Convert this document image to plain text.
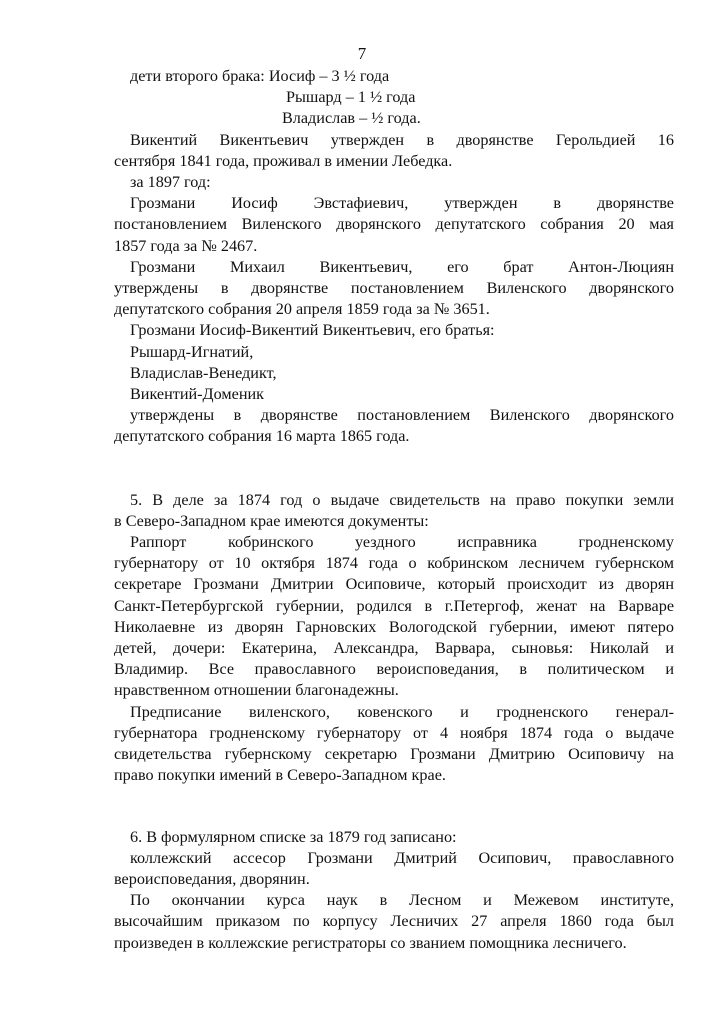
7
дети второго брака: Иосиф – 3 ½ года
Рышард – 1 ½ года
Владислав – ½ года.
Викентий Викентьевич утвержден в дворянстве Герольдией 16
сентября 1841 года, проживал в имении Лебедка.
за 1897 год:
Грозмани Иосиф Эвстафиевич, утвержден в дворянстве
постановлением Виленского дворянского депутатского собрания 20 мая
1857 года за № 2467.
Грозмани Михаил Викентьевич, его брат Антон-Люциян
утверждены в дворянстве постановлением Виленского дворянского
депутатского собрания 20 апреля 1859 года за № 3651.
Грозмани Иосиф-Викентий Викентьевич, его братья:
Рышард-Игнатий,
Владислав-Венедикт,
Викентий-Доменик
утверждены в дворянстве постановлением Виленского дворянского
депутатского собрания 16 марта 1865 года.
5. В деле за 1874 год о выдаче свидетельств на право покупки земли
в Северо-Западном крае имеются документы:
Раппорт кобринского уездного исправника гродненскому
губернатору от 10 октября 1874 года о кобринском лесничем губернском
секретаре Грозмани Дмитрии Осиповиче, который происходит из дворян
Санкт-Петербургской губернии, родился в г.Петергоф, женат на Варваре
Николаевне из дворян Гарновских Вологодской губернии, имеют пятеро
детей, дочери: Екатерина, Александра, Варвара, сыновья: Николай и
Владимир. Все православного вероисповедания, в политическом и
нравственном отношении благонадежны.
Предписание виленского, ковенского и гродненского генерал-
губернатора гродненскому губернатору от 4 ноября 1874 года о выдаче
свидетельства губернскому секретарю Грозмани Дмитрию Осиповичу на
право покупки имений в Северо-Западном крае.
6. В формулярном списке за 1879 год записано:
коллежский ассесор Грозмани Дмитрий Осипович, православного
вероисповедания, дворянин.
По окончании курса наук в Лесном и Межевом институте,
высочайшим приказом по корпусу Лесничих 27 апреля 1860 года был
произведен в коллежские регистраторы со званием помощника лесничего.
